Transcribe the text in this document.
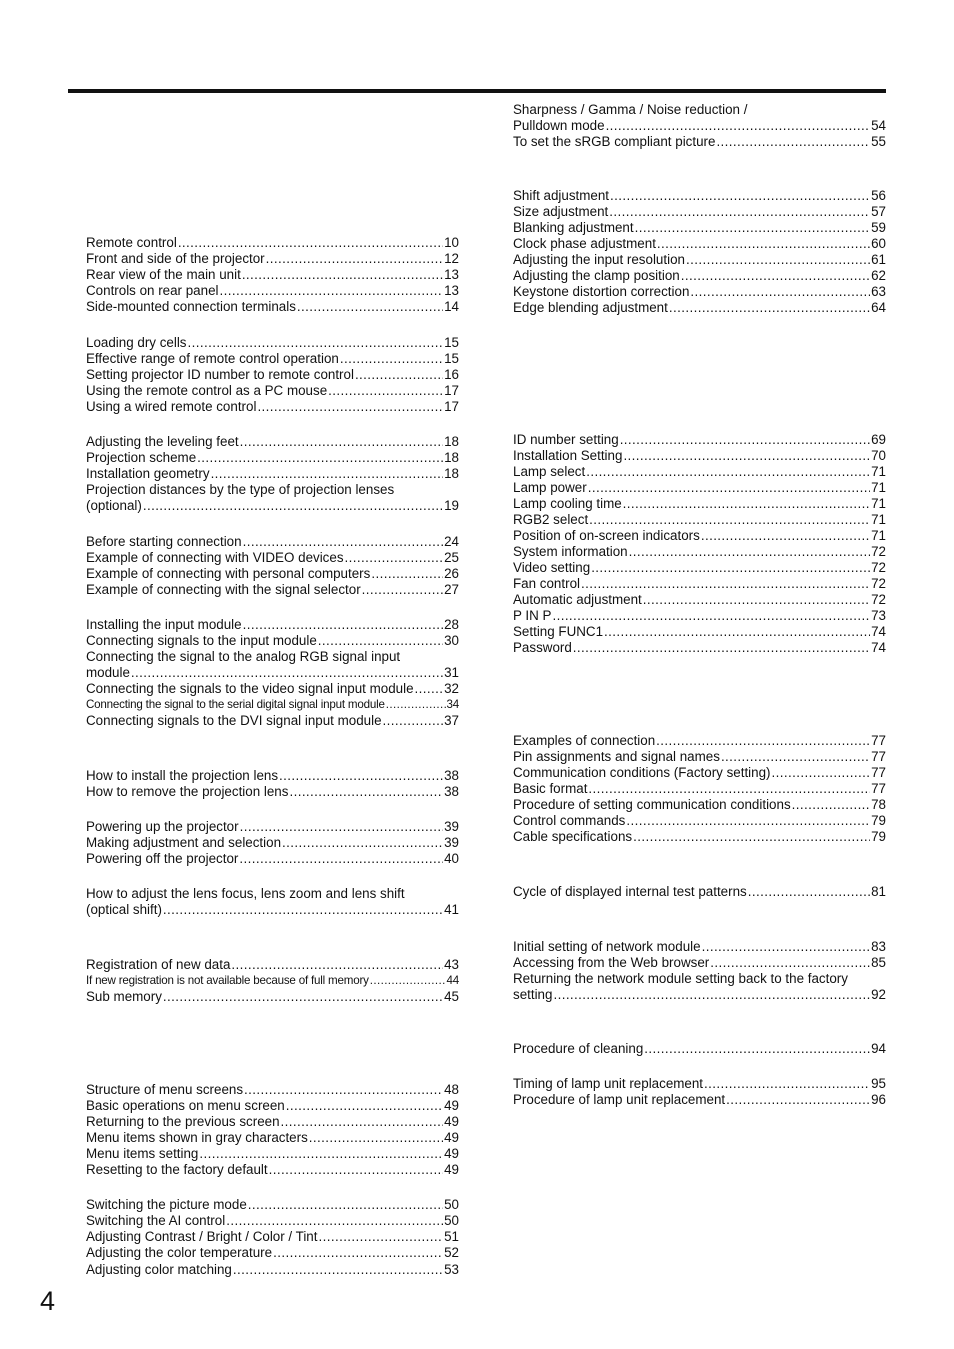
Remote control .....	10
Front and side of the projector .....	12
Rear view of the main unit .....	13
Controls on rear panel .....	13
Side-mounted connection terminals .....	14
Loading dry cells .....	15
Effective range of remote control operation .....	15
Setting projector ID number to remote control .....	16
Using the remote control as a PC mouse .....	17
Using a wired remote control .....	17
Adjusting the leveling feet .....	18
Projection scheme .....	18
Installation geometry .....	18
Projection distances by the type of projection lenses
(optional) .....	19
Before starting connection .....	24
Example of connecting with VIDEO devices .....	25
Example of connecting with personal computers .....	26
Example of connecting with the signal selector .....	27
Installing the input module .....	28
Connecting signals to the input module .....	30
Connecting the signal to the analog RGB signal input
module .....	31
Connecting the signals to the video signal input module ..... 32
Connecting the signal to the serial digital signal input module .....	34
Connecting signals to the DVI signal input module .....	37
How to install the projection lens .....	38
How to remove the projection lens .....	38
Powering up the projector .....	39
Making adjustment and selection .....	39
Powering off the projector .....	40
How to adjust the lens focus, lens zoom and lens shift
(optical shift) .....	41
Registration of new data .....	43
If new registration is not available because of full memory .....	44
Sub memory .....	45
Structure of menu screens .....	48
Basic operations on menu screen .....	49
Returning to the previous screen .....	49
Menu items shown in gray characters .....	49
Menu items setting .....	49
Resetting to the factory default .....	49
Switching the picture mode .....	50
Switching the AI control .....	50
Adjusting Contrast / Bright / Color / Tint .....	51
Adjusting the color temperature .....	52
Adjusting color matching .....	53
Sharpness / Gamma / Noise reduction /
Pulldown mode .....	54
To set the sRGB compliant picture .....	55
Shift adjustment .....	56
Size adjustment .....	57
Blanking adjustment .....	59
Clock phase adjustment .....	60
Adjusting the input resolution .....	61
Adjusting the clamp position .....	62
Keystone distortion correction .....	63
Edge blending adjustment .....	64
ID number setting .....	69
Installation Setting .....	70
Lamp select .....	71
Lamp power .....	71
Lamp cooling time .....	71
RGB2 select .....	71
Position of on-screen indicators .....	71
System information .....	72
Video setting .....	72
Fan control .....	72
Automatic adjustment .....	72
P IN P .....	73
Setting FUNC1 .....	74
Password .....	74
Examples of connection .....	77
Pin assignments and signal names .....	77
Communication conditions (Factory setting) .....	77
Basic format .....	77
Procedure of setting communication conditions .....	78
Control commands .....	79
Cable specifications .....	79
Cycle of displayed internal test patterns .....	81
Initial setting of network module .....	83
Accessing from the Web browser .....	85
Returning the network module setting back to the factory
setting .....	92
Procedure of cleaning .....	94
Timing of lamp unit replacement .....	95
Procedure of lamp unit replacement .....	96
4
